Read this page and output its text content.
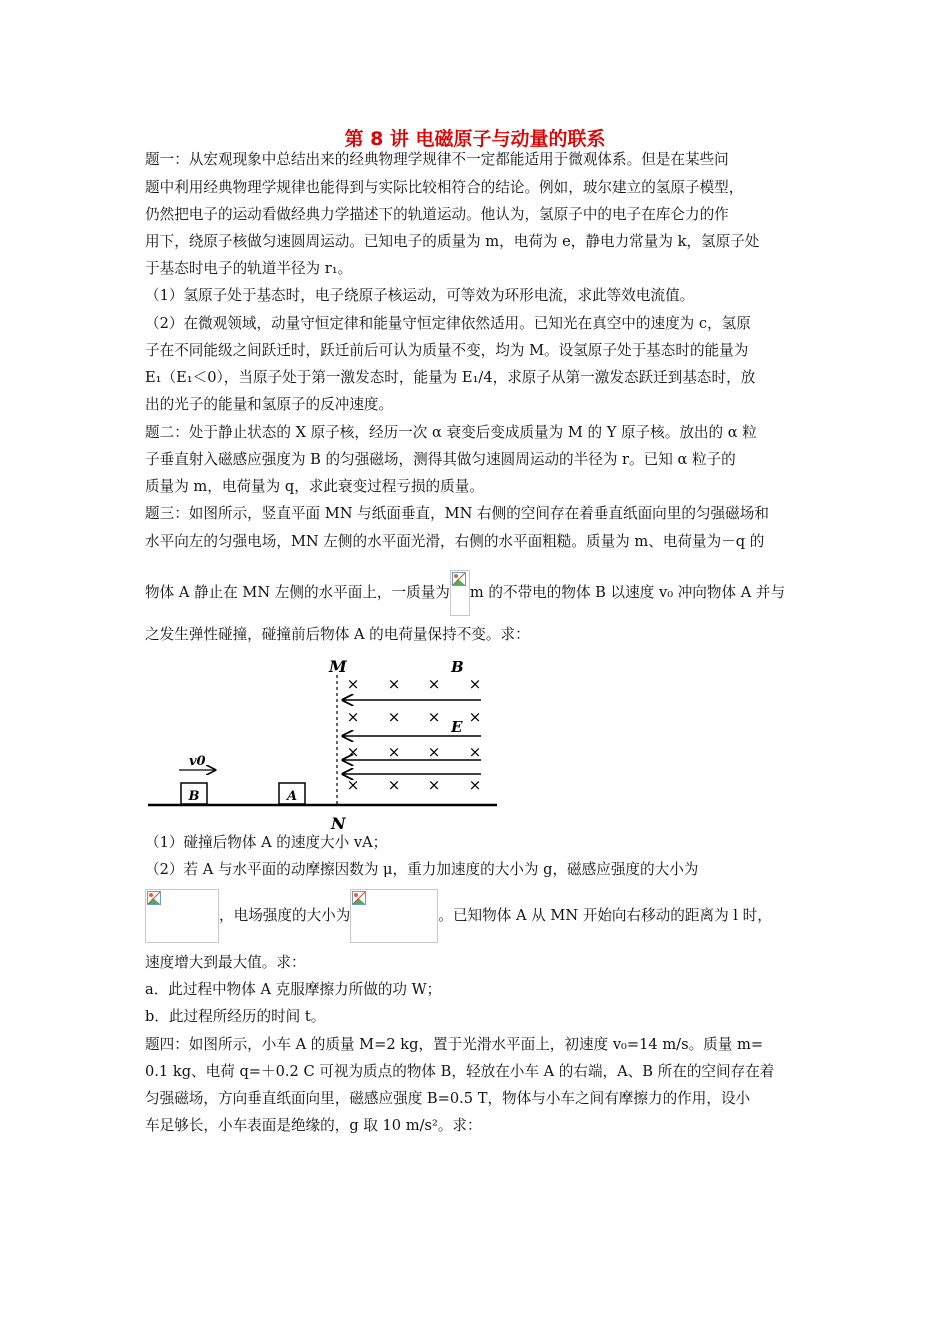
第 8 讲 电磁原子与动量的联系
题一：从宏观现象中总结出来的经典物理学规律不一定都能适用于微观体系。但是在某些问
题中利用经典物理学规律也能得到与实际比较相符合的结论。例如，玻尔建立的氢原子模型，
仍然把电子的运动看做经典力学描述下的轨道运动。他认为，氢原子中的电子在库仑力的作
用下，绕原子核做匀速圆周运动。已知电子的质量为 m，电荷为 e，静电力常量为 k，氢原子处
于基态时电子的轨道半径为 r₁。
（1）氢原子处于基态时，电子绕原子核运动，可等效为环形电流，求此等效电流值。
（2）在微观领域，动量守恒定律和能量守恒定律依然适用。已知光在真空中的速度为 c，氢原
子在不同能级之间跃迁时，跃迁前后可认为质量不变，均为 M。设氢原子处于基态时的能量为
E₁（E₁＜0），当原子处于第一激发态时，能量为 E₁/4，求原子从第一激发态跃迁到基态时，放
出的光子的能量和氢原子的反冲速度。
题二：处于静止状态的 X 原子核，经历一次 α 衰变后变成质量为 M 的 Y 原子核。放出的 α 粒
子垂直射入磁感应强度为 B 的匀强磁场，测得其做匀速圆周运动的半径为 r。已知 α 粒子的
质量为 m，电荷量为 q，求此衰变过程亏损的质量。
题三：如图所示，竖直平面 MN 与纸面垂直，MN 右侧的空间存在着垂直纸面向里的匀强磁场和
水平向左的匀强电场，MN 左侧的水平面光滑，右侧的水平面粗糙。质量为 m、电荷量为－q 的
物体 A 静止在 MN 左侧的水平面上，一质量为 m 的不带电的物体 B 以速度 v₀ 冲向物体 A 并与
之发生弹性碰撞，碰撞前后物体 A 的电荷量保持不变。求：
M
N
B
E
× × × ×
× × × ×
× × × ×
× × × ×
v0
B	A
（1）碰撞后物体 A 的速度大小 vA；
（2）若 A 与水平面的动摩擦因数为 μ，重力加速度的大小为 g，磁感应强度的大小为
，电场强度的大小为	。已知物体 A 从 MN 开始向右移动的距离为 l 时，
速度增大到最大值。求：
a．此过程中物体 A 克服摩擦力所做的功 W；
b．此过程所经历的时间 t。
题四：如图所示，小车 A 的质量 M=2 kg，置于光滑水平面上，初速度 v₀=14 m/s。质量 m=
0.1 kg、电荷 q=＋0.2 C 可视为质点的物体 B，轻放在小车 A 的右端，A、B 所在的空间存在着
匀强磁场，方向垂直纸面向里，磁感应强度 B=0.5 T，物体与小车之间有摩擦力的作用，设小
车足够长，小车表面是绝缘的，g 取 10 m/s²。求：
